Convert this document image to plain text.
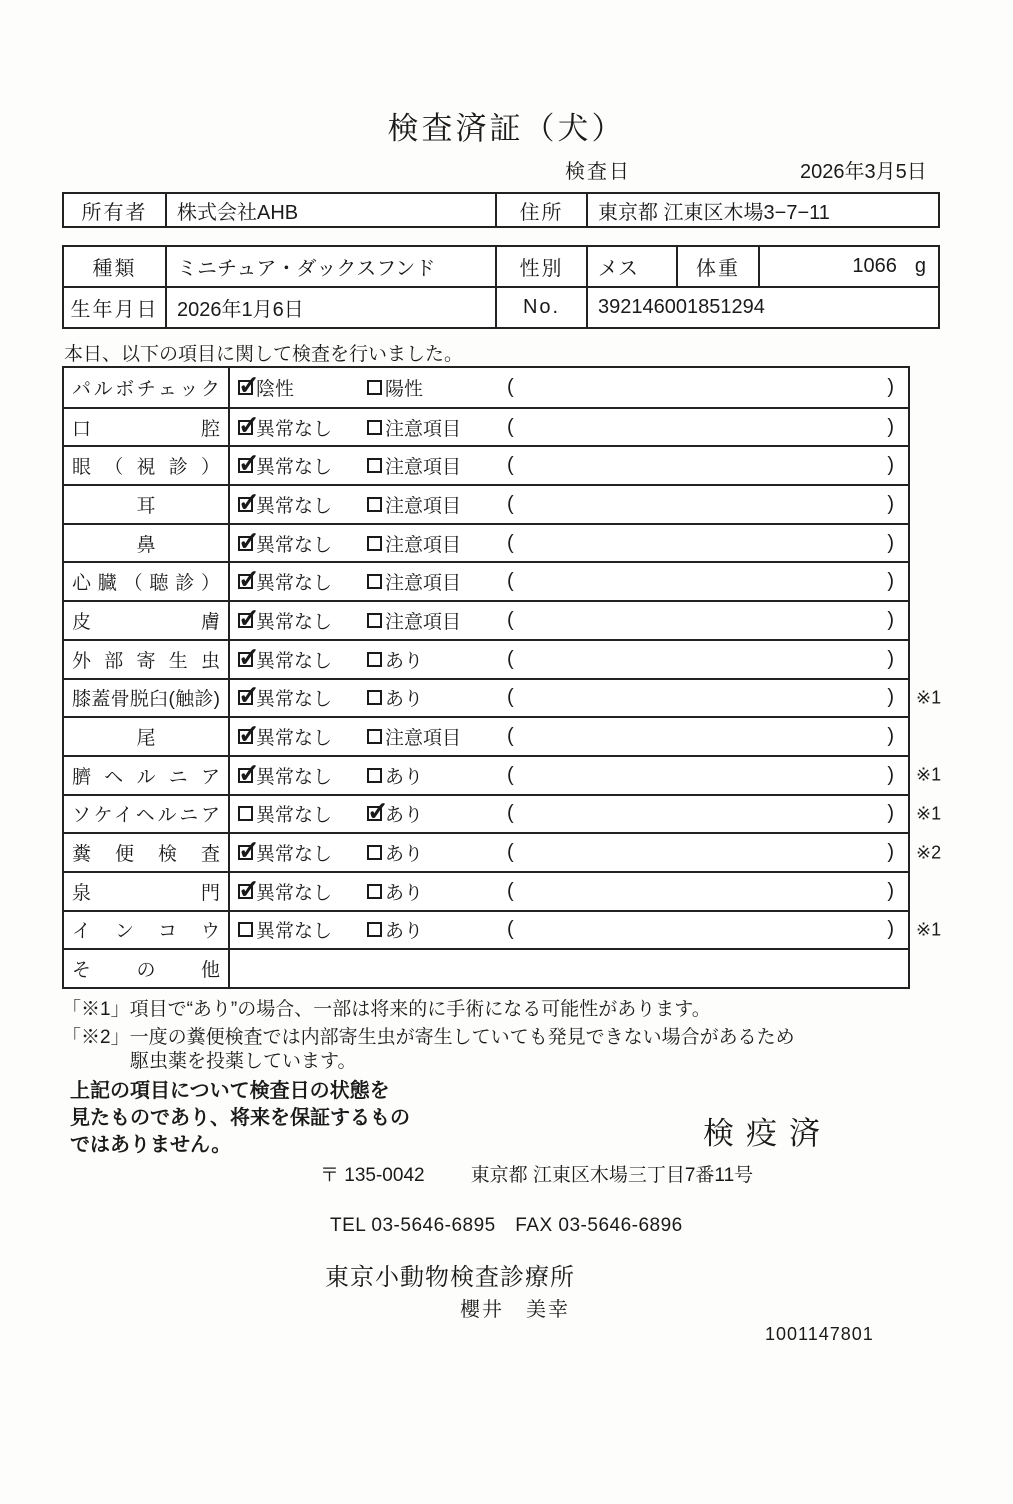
検査済証（犬）
検査日	2026年3月5日
所有者	株式会社AHB	住所	東京都 江東区木場3−7−11
種類	ミニチュア・ダックスフンド	性別	メス	体重	1066 g
生年月日 2026年1月6日	No.	392146001851294
本日、以下の項目に関して検査を行いました。
パルボチェック ✓ 陰性	陽性	(	)
口腔 ✓ 異常なし	注意項目 (	)
眼（視診） ✓ 異常なし	注意項目 (	)
耳 ✓	異常なし	注意項目 (	)
鼻 ✓	異常なし	注意項目 (	)
心臓（聴診） ✓ 異常なし	注意項目 (	)
皮膚 ✓ 異常なし	注意項目 (	)
外部寄生虫 ✓ 異常なし	あり	(	)
膝蓋骨脱臼(触診) ✓ 異常なし	あり	(	) ※1
尾 ✓	異常なし	注意項目 (	)
臍ヘルニア ✓ 異常なし	あり	(	) ※1
ソケイヘルニア 異常なし ✓	あり	(	) ※1
糞便検査 ✓ 異常なし	あり	(	) ※2
泉門 ✓ 異常なし	あり	(	)
インコウ 異常なし	あり	(	) ※1
その他
「※1」項目で“あり”の場合、一部は将来的に手術になる可能性があります。
「※2」一度の糞便検査では内部寄生虫が寄生していても発見できない場合があるため
駆虫薬を投薬しています。
上記の項目について検査日の状態を
見たものであり、将来を保証するもの
ではありません。	検疫済
〒 135-0042 東京都 江東区木場三丁目7番11号
TEL 03-5646-6895　FAX 03-5646-6896
東京小動物検査診療所
櫻井　美幸
1001147801
